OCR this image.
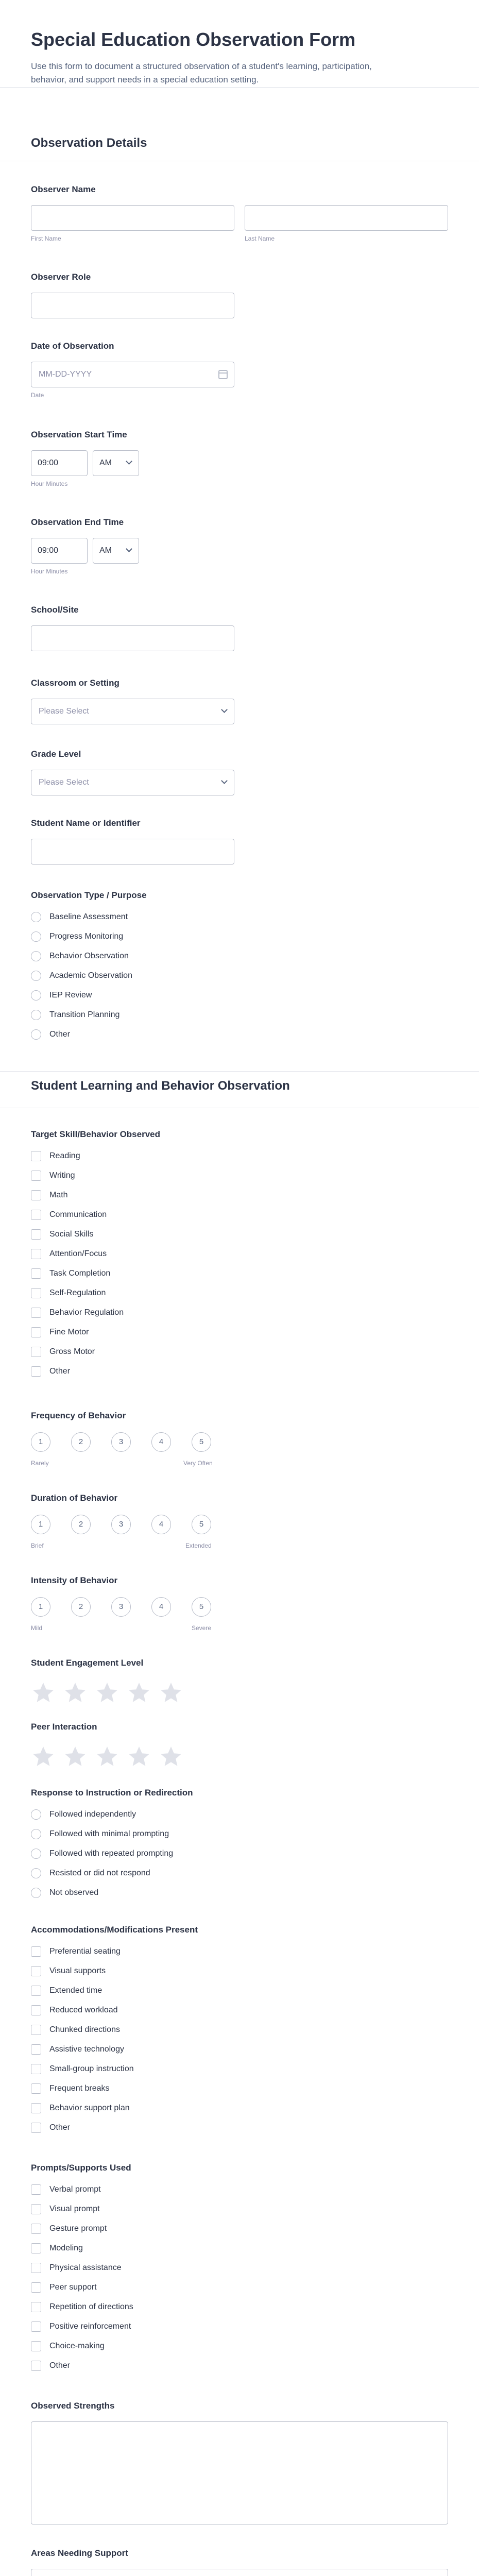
Special Education Observation Form
Use this form to document a structured observation of a student's learning, participation, behavior, and support needs in a special education setting.
Observation Details
Observer Name
First Name	Last Name
Observer Role
Date of Observation
MM-DD-YYYY
Date
Observation Start Time
09:00	AM
Hour Minutes
Observation End Time
09:00	AM
Hour Minutes
School/Site
Classroom or Setting
Please Select
Grade Level
Please Select
Student Name or Identifier
Observation Type / Purpose
Baseline Assessment
Progress Monitoring
Behavior Observation
Academic Observation
IEP Review
Transition Planning
Other
Student Learning and Behavior Observation
Target Skill/Behavior Observed
Reading
Writing
Math
Communication
Social Skills
Attention/Focus
Task Completion
Self-Regulation
Behavior Regulation
Fine Motor
Gross Motor
Other
Frequency of Behavior
1	2	3	4	5
Rarely	Very Often
Duration of Behavior
1	2	3	4	5
Brief	Extended
Intensity of Behavior
1	2	3	4	5
Mild	Severe
Student Engagement Level
Peer Interaction
Response to Instruction or Redirection
Followed independently
Followed with minimal prompting
Followed with repeated prompting
Resisted or did not respond
Not observed
Accommodations/Modifications Present
Preferential seating
Visual supports
Extended time
Reduced workload
Chunked directions
Assistive technology
Small-group instruction
Frequent breaks
Behavior support plan
Other
Prompts/Supports Used
Verbal prompt
Visual prompt
Gesture prompt
Modeling
Physical assistance
Peer support
Repetition of directions
Positive reinforcement
Choice-making
Other
Observed Strengths
Areas Needing Support
